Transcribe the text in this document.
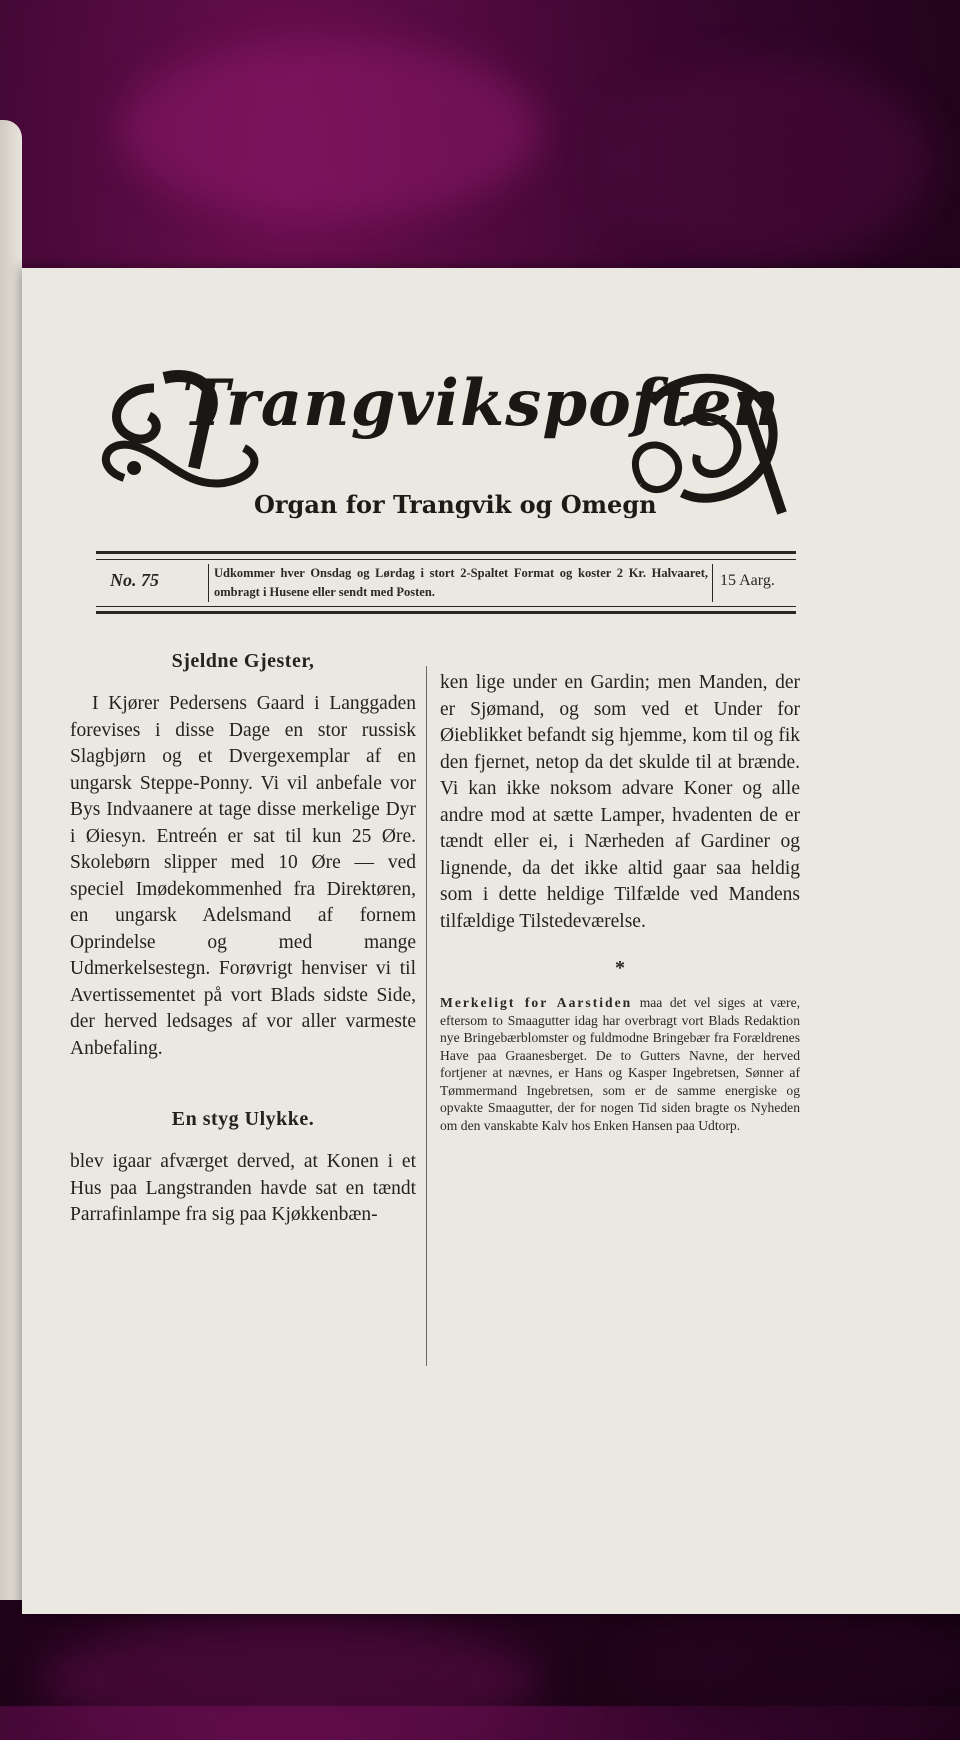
Trangvikspoften
Organ for Trangvik og Omegn
No. 75	Udkommer hver Onsdag og Lørdag i stort 2-Spaltet Format og koster 2 Kr. Halvaaret, ombragt i Husene eller sendt med Posten.
15 Aarg.
Sjeldne Gjester,

I Kjører Pedersens Gaard i Langgaden forevises i disse Dage en stor russisk Slagbjørn og et Dvergexemplar af en ungarsk Steppe-Ponny. Vi vil anbefale vor Bys Indvaanere at tage disse merkelige Dyr i Øiesyn. Entreén er sat til kun 25 Øre. Skolebørn slipper med 10 Øre — ved speciel Imødekommenhed fra Direktøren, en ungarsk Adelsmand af fornem Oprindelse og med mange Udmerkelsestegn. Forøvrigt henviser vi til Avertissementet på vort Blads sidste Side, der herved ledsages af vor aller varmeste Anbefaling.

En styg Ulykke.

blev igaar afværget derved, at Konen i et Hus paa Langstranden havde sat en tændt Parrafinlampe fra sig paa Kjøkkenbæn-

ken lige under en Gardin; men Manden, der er Sjømand, og som ved et Under for Øieblikket befandt sig hjemme, kom til og fik den fjernet, netop da det skulde til at brænde. Vi kan ikke noksom advare Koner og alle andre mod at sætte Lamper, hvadenten de er tændt eller ei, i Nærheden af Gardiner og lignende, da det ikke altid gaar saa heldig som i dette heldige Tilfælde ved Mandens tilfældige Tilstedeværelse.

*

Merkeligt for Aarstiden maa det vel siges at være, eftersom to Smaagutter idag har overbragt vort Blads Redaktion nye Bringebærblomster og fuldmodne Bringebær fra Forældrenes Have paa Graanesberget. De to Gutters Navne, der herved fortjener at nævnes, er Hans og Kasper Ingebretsen, Sønner af Tømmermand Ingebretsen, som er de samme energiske og opvakte Smaagutter, der for nogen Tid siden bragte os Nyheden om den vanskabte Kalv hos Enken Hansen paa Udtorp.
